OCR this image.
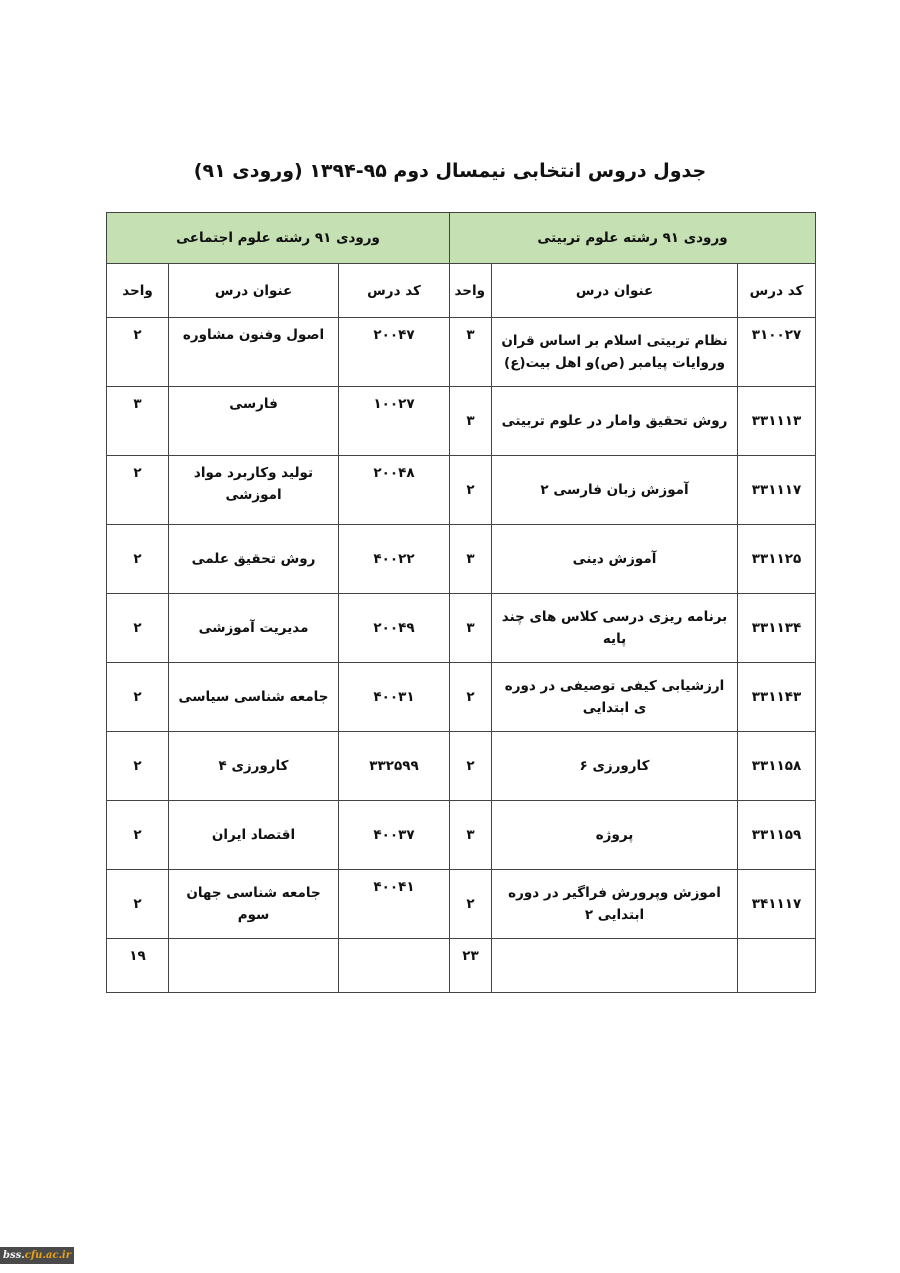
جدول دروس انتخابی نیمسال دوم ۹۵-۱۳۹۴ (ورودی ۹۱)
ورودی ۹۱ رشته علوم تربیتی			ورودی ۹۱ رشته علوم اجتماعی		
کد درس	عنوان درس	واحد	کد درس	عنوان درس	واحد
۳۱۰۰۲۷	نظام تربیتی اسلام بر اساس قران وروایات پیامبر (ص)و اهل بیت(ع)	۳	۲۰۰۴۷	اصول وفنون مشاوره	۲
۳۳۱۱۱۳	روش تحقیق وامار در علوم تربیتی	۳	۱۰۰۲۷	فارسی	۳
۳۳۱۱۱۷	آموزش زبان فارسی ۲	۲	۲۰۰۴۸	تولید وکاربرد مواد اموزشی	۲
۳۳۱۱۲۵	آموزش دینی	۳	۴۰۰۲۲	روش تحقیق علمی	۲
۳۳۱۱۳۴	برنامه ریزی درسی کلاس های چند پایه	۳	۲۰۰۴۹	مدیریت آموزشی	۲
۳۳۱۱۴۳	ارزشیابی کیفی توصیفی در دوره ی ابتدایی	۲	۴۰۰۳۱	جامعه شناسی سیاسی	۲
۳۳۱۱۵۸	کارورزی ۶	۲	۳۳۲۵۹۹	کارورزی ۴	۲
۳۳۱۱۵۹	پروژه	۳	۴۰۰۳۷	اقتصاد ایران	۲
۳۴۱۱۱۷	اموزش وپرورش فراگیر در دوره ابتدایی ۲	۲	۴۰۰۴۱	جامعه شناسی جهان سوم	۲
		۲۳			۱۹
bss.cfu.ac.ir
